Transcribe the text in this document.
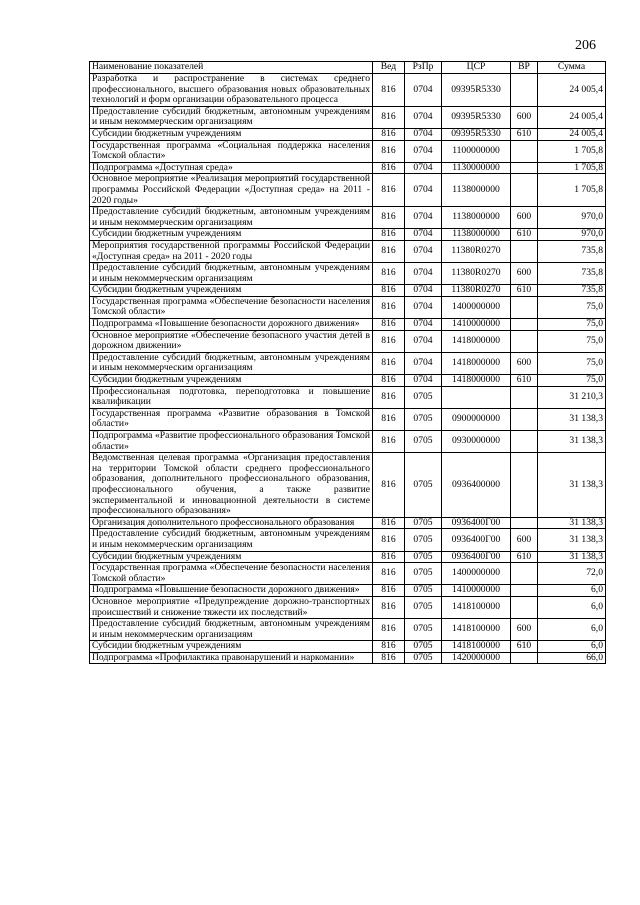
206
Наименование показателей	Вед	РзПр	ЦСР	ВР	Сумма
Разработка и распространение в системах среднего профессионального, высшего образования новых образовательных технологий и форм организации образовательного процесса	816	0704	09395R5330		24 005,4
Предоставление субсидий бюджетным, автономным учреждениям и иным некоммерческим организациям	816	0704	09395R5330	600	24 005,4
Субсидии бюджетным учреждениям	816	0704	09395R5330	610	24 005,4
Государственная программа «Социальная поддержка населения Томской области»	816	0704	1100000000		1 705,8
Подпрограмма «Доступная среда»	816	0704	1130000000		1 705,8
Основное мероприятие «Реализация мероприятий государственной программы Российской Федерации «Доступная среда» на 2011 - 2020 годы»	816	0704	1138000000		1 705,8
Предоставление субсидий бюджетным, автономным учреждениям и иным некоммерческим организациям	816	0704	1138000000	600	970,0
Субсидии бюджетным учреждениям	816	0704	1138000000	610	970,0
Мероприятия государственной программы Российской Федерации «Доступная среда» на 2011 - 2020 годы	816	0704	11380R0270		735,8
Предоставление субсидий бюджетным, автономным учреждениям и иным некоммерческим организациям	816	0704	11380R0270	600	735,8
Субсидии бюджетным учреждениям	816	0704	11380R0270	610	735,8
Государственная программа «Обеспечение безопасности населения Томской области»	816	0704	1400000000		75,0
Подпрограмма «Повышение безопасности дорожного движения»	816	0704	1410000000		75,0
Основное мероприятие «Обеспечение безопасного участия детей в дорожном движении»	816	0704	1418000000		75,0
Предоставление субсидий бюджетным, автономным учреждениям и иным некоммерческим организациям	816	0704	1418000000	600	75,0
Субсидии бюджетным учреждениям	816	0704	1418000000	610	75,0
Профессиональная подготовка, переподготовка и повышение квалификации	816	0705			31 210,3
Государственная программа «Развитие образования в Томской области»	816	0705	0900000000		31 138,3
Подпрограмма «Развитие профессионального образования Томской области»	816	0705	0930000000		31 138,3
Ведомственная целевая программа «Организация предоставления на территории Томской области среднего профессионального образования, дополнительного профессионального образования, профессионального обучения, а также развитие экспериментальной и инновационной деятельности в системе профессионального образования»	816	0705	0936400000		31 138,3
Организация дополнительного профессионального образования	816	0705	0936400Г00		31 138,3
Предоставление субсидий бюджетным, автономным учреждениям и иным некоммерческим организациям	816	0705	0936400Г00	600	31 138,3
Субсидии бюджетным учреждениям	816	0705	0936400Г00	610	31 138,3
Государственная программа «Обеспечение безопасности населения Томской области»	816	0705	1400000000		72,0
Подпрограмма «Повышение безопасности дорожного движения»	816	0705	1410000000		6,0
Основное мероприятие «Предупреждение дорожно-транспортных происшествий и снижение тяжести их последствий»	816	0705	1418100000		6,0
Предоставление субсидий бюджетным, автономным учреждениям и иным некоммерческим организациям	816	0705	1418100000	600	6,0
Субсидии бюджетным учреждениям	816	0705	1418100000	610	6,0
Подпрограмма «Профилактика правонарушений и наркомании»	816	0705	1420000000		66,0
